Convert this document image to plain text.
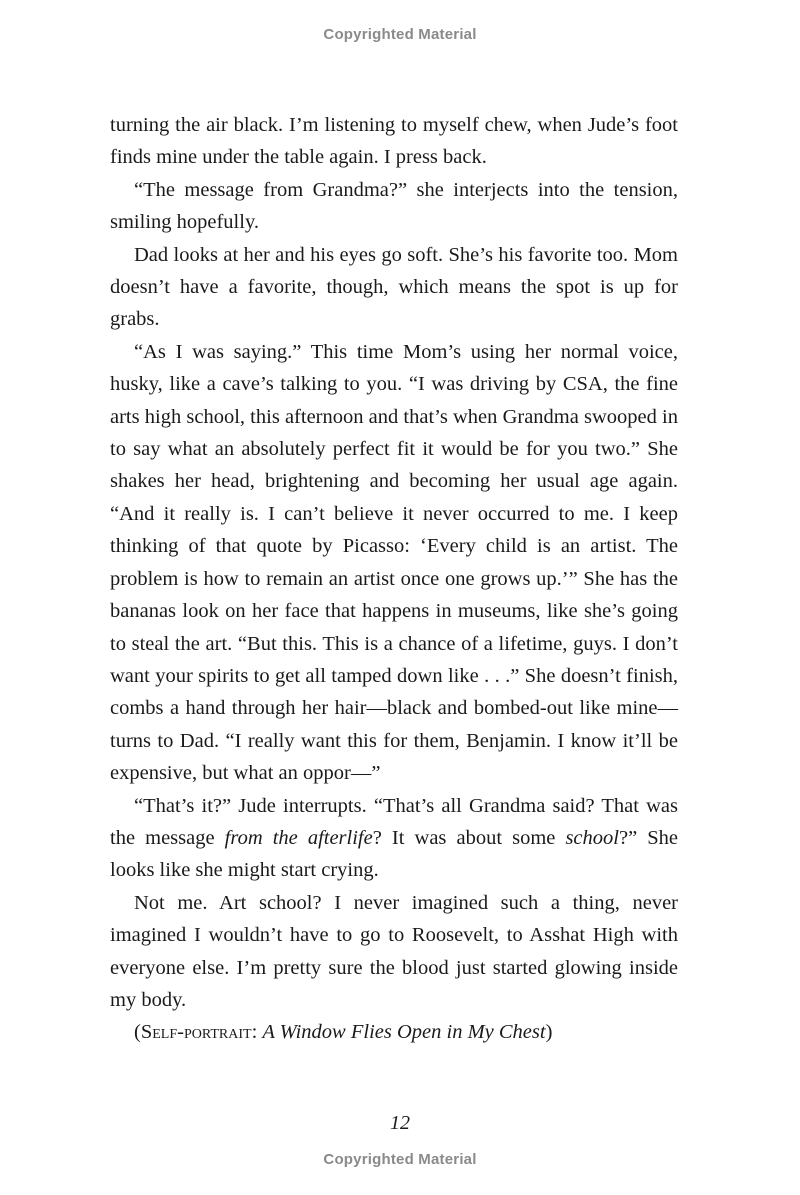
Copyrighted Material

turning the air black. I’m listening to myself chew, when Jude’s foot finds mine under the table again. I press back.

“The message from Grandma?” she interjects into the tension, smiling hopefully.

Dad looks at her and his eyes go soft. She’s his favorite too. Mom doesn’t have a favorite, though, which means the spot is up for grabs.

“As I was saying.” This time Mom’s using her normal voice, husky, like a cave’s talking to you. “I was driving by CSA, the fine arts high school, this afternoon and that’s when Grandma swooped in to say what an absolutely perfect fit it would be for you two.” She shakes her head, brightening and becoming her usual age again. “And it really is. I can’t believe it never occurred to me. I keep thinking of that quote by Picasso: ‘Every child is an artist. The problem is how to remain an artist once one grows up.’” She has the bananas look on her face that happens in museums, like she’s going to steal the art. “But this. This is a chance of a lifetime, guys. I don’t want your spirits to get all tamped down like . . .” She doesn’t finish, combs a hand through her hair—black and bombed-out like mine—turns to Dad. “I really want this for them, Benjamin. I know it’ll be expensive, but what an oppor—”

“That’s it?” Jude interrupts. “That’s all Grandma said? That was the message from the afterlife? It was about some school?” She looks like she might start crying.

Not me. Art school? I never imagined such a thing, never imagined I wouldn’t have to go to Roosevelt, to Asshat High with everyone else. I’m pretty sure the blood just started glowing inside my body.

(Self-portrait: A Window Flies Open in My Chest)

12
Copyrighted Material
